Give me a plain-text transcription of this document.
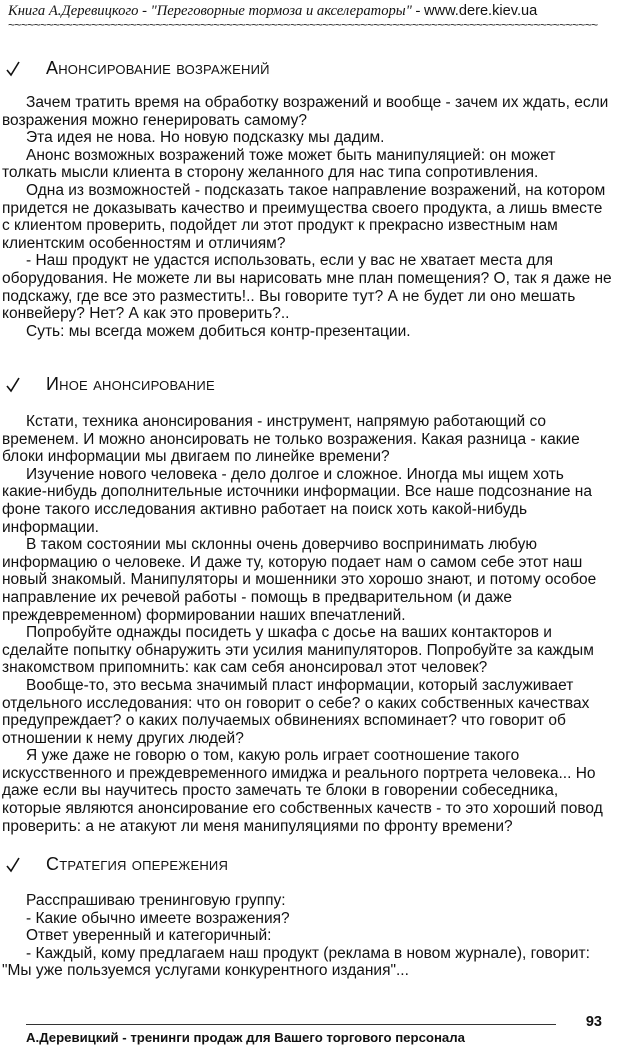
Книга А.Деревицкого - "Переговорные тормоза и акселераторы" - www.dere.kiev.ua
~~~~~~~~~~~~~~~~~~~~~~~~~~~~~~~~~~~~~~~~~~~~~~~~~~~~~~~~~~~~~~~~~~~~~~~~~~~~~~~~~~~~~~~~~~~~
Анонсирование возражений

Зачем тратить время на обработку возражений и вообще - зачем их ждать, если возражения можно генерировать самому?

Эта идея не нова. Но новую подсказку мы дадим.

Анонс возможных возражений тоже может быть манипуляцией: он может толкать мысли клиента в сторону желанного для нас типа сопротивления.

Одна из возможностей - подсказать такое направление возражений, на котором придется не доказывать качество и преимущества своего продукта, а лишь вместе с клиентом проверить, подойдет ли этот продукт к прекрасно известным нам клиентским особенностям и отличиям?

- Наш продукт не удастся использовать, если у вас не хватает места для оборудования. Не можете ли вы нарисовать мне план помещения? О, так я даже не подскажу, где все это разместить!.. Вы говорите тут? А не будет ли оно мешать конвейеру? Нет? А как это проверить?..

Суть: мы всегда можем добиться контр-презентации.

Иное анонсирование

Кстати, техника анонсирования - инструмент, напрямую работающий со временем. И можно анонсировать не только возражения. Какая разница - какие блоки информации мы двигаем по линейке времени?

Изучение нового человека - дело долгое и сложное. Иногда мы ищем хоть какие-нибудь дополнительные источники информации. Все наше подсознание на фоне такого исследования активно работает на поиск хоть какой-нибудь информации.

В таком состоянии мы склонны очень доверчиво воспринимать любую информацию о человеке. И даже ту, которую подает нам о самом себе этот наш новый знакомый. Манипуляторы и мошенники это хорошо знают, и потому особое направление их речевой работы - помощь в предварительном (и даже преждевременном) формировании наших впечатлений.

Попробуйте однажды посидеть у шкафа с досье на ваших контакторов и сделайте попытку обнаружить эти усилия манипуляторов. Попробуйте за каждым знакомством припомнить: как сам себя анонсировал этот человек?

Вообще-то, это весьма значимый пласт информации, который заслуживает отдельного исследования: что он говорит о себе? о каких собственных качествах предупреждает? о каких получаемых обвинениях вспоминает? что говорит об отношении к нему других людей?

Я уже даже не говорю о том, какую роль играет соотношение такого искусственного и преждевременного имиджа и реального портрета человека... Но даже если вы научитесь просто замечать те блоки в говорении собеседника, которые являются анонсирование его собственных качеств - то это хороший повод проверить: а не атакуют ли меня манипуляциями по фронту времени?

Стратегия опережения

Расспрашиваю тренинговую группу:

- Какие обычно имеете возражения?

Ответ уверенный и категоричный:

- Каждый, кому предлагаем наш продукт (реклама в новом журнале), говорит:

"Мы уже пользуемся услугами конкурентного издания"...

93
А.Деревицкий - тренинги продаж для Вашего торгового персонала
